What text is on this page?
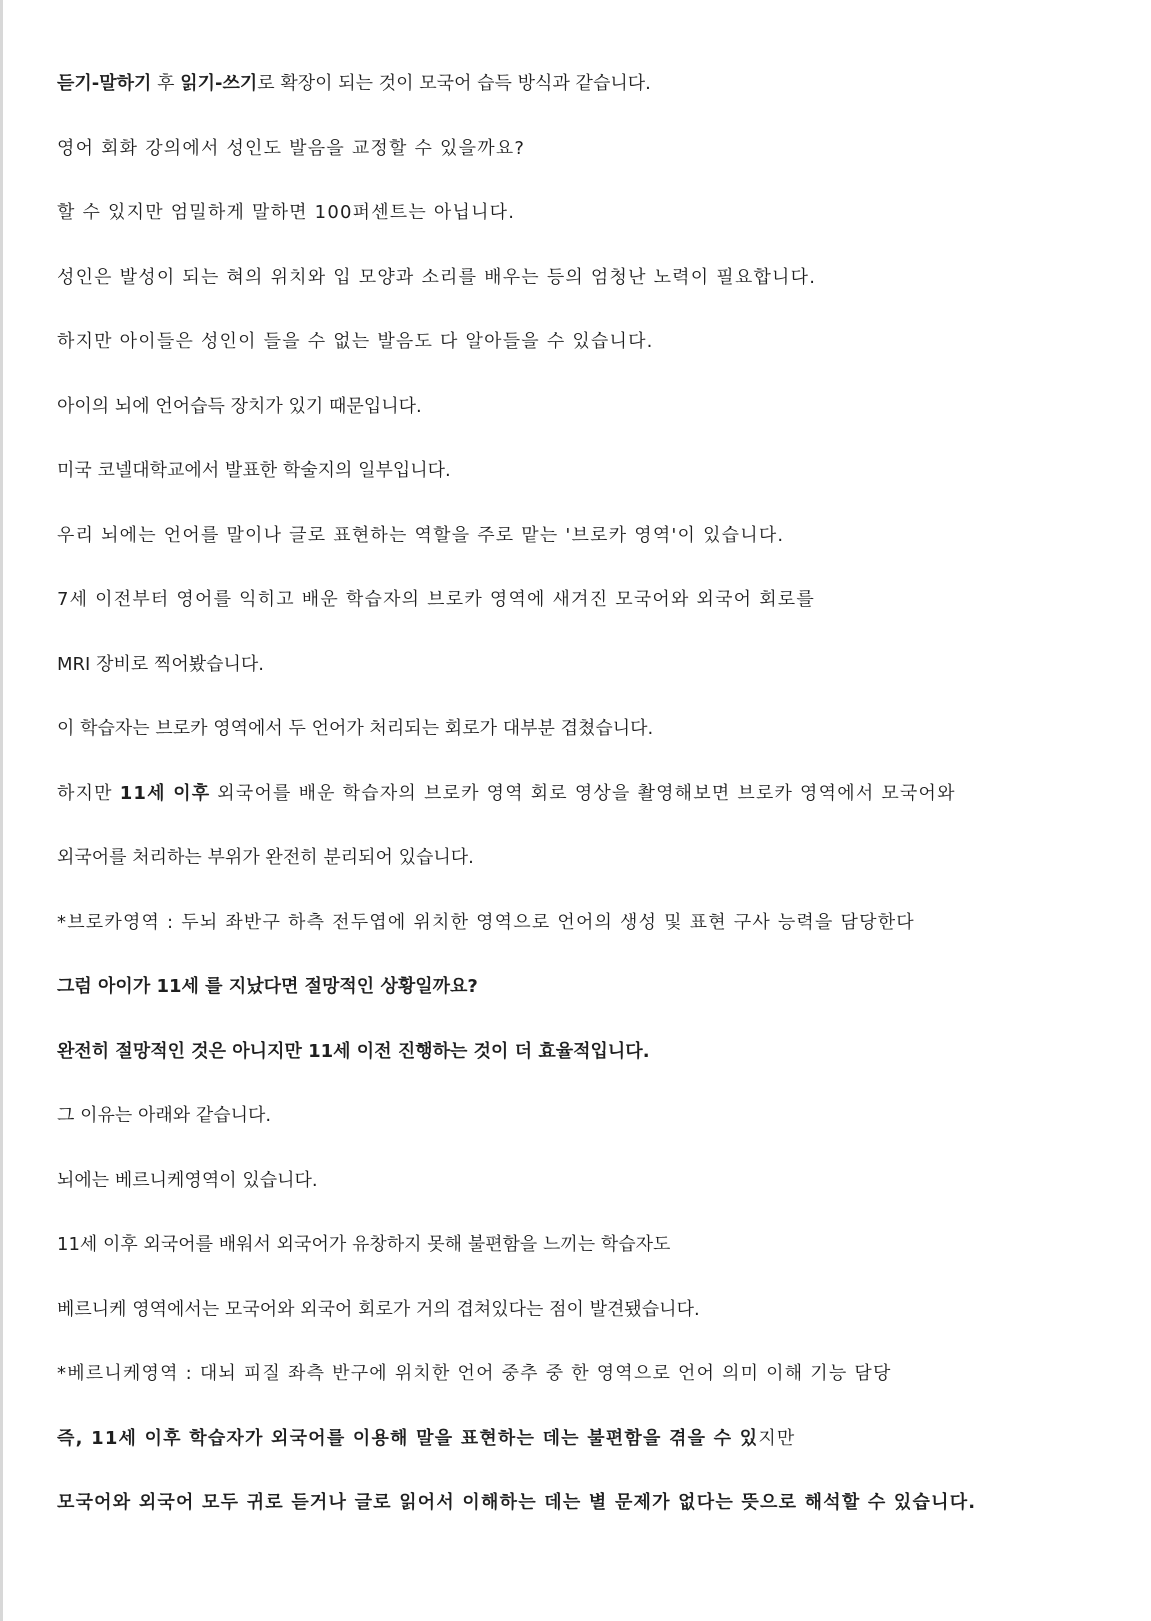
듣기-말하기 후 읽기-쓰기로 확장이 되는 것이 모국어 습득 방식과 같습니다.
영어 회화 강의에서 성인도 발음을 교정할 수 있을까요?
할 수 있지만 엄밀하게 말하면 100퍼센트는 아닙니다.
성인은 발성이 되는 혀의 위치와 입 모양과 소리를 배우는 등의 엄청난 노력이 필요합니다.
하지만 아이들은 성인이 들을 수 없는 발음도 다 알아들을 수 있습니다.
아이의 뇌에 언어습득 장치가 있기 때문입니다.
미국 코넬대학교에서 발표한 학술지의 일부입니다.
우리 뇌에는 언어를 말이나 글로 표현하는 역할을 주로 맡는 '브로카 영역'이 있습니다.
7세 이전부터 영어를 익히고 배운 학습자의 브로카 영역에 새겨진 모국어와 외국어 회로를
MRI 장비로 찍어봤습니다.
이 학습자는 브로카 영역에서 두 언어가 처리되는 회로가 대부분 겹쳤습니다.
하지만 11세 이후 외국어를 배운 학습자의 브로카 영역 회로 영상을 촬영해보면 브로카 영역에서 모국어와
외국어를 처리하는 부위가 완전히 분리되어 있습니다.
*브로카영역 : 두뇌 좌반구 하측 전두엽에 위치한 영역으로 언어의 생성 및 표현 구사 능력을 담당한다
그럼 아이가 11세 를 지났다면 절망적인 상황일까요?
완전히 절망적인 것은 아니지만 11세 이전 진행하는 것이 더 효율적입니다.
그 이유는 아래와 같습니다.
뇌에는 베르니케영역이 있습니다.
11세 이후 외국어를 배워서 외국어가 유창하지 못해 불편함을 느끼는 학습자도
베르니케 영역에서는 모국어와 외국어 회로가 거의 겹쳐있다는 점이 발견됐습니다.
*베르니케영역 : 대뇌 피질 좌측 반구에 위치한 언어 중추 중 한 영역으로 언어 의미 이해 기능 담당
즉, 11세 이후 학습자가 외국어를 이용해 말을 표현하는 데는 불편함을 겪을 수 있지만
모국어와 외국어 모두 귀로 듣거나 글로 읽어서 이해하는 데는 별 문제가 없다는 뜻으로 해석할 수 있습니다.
